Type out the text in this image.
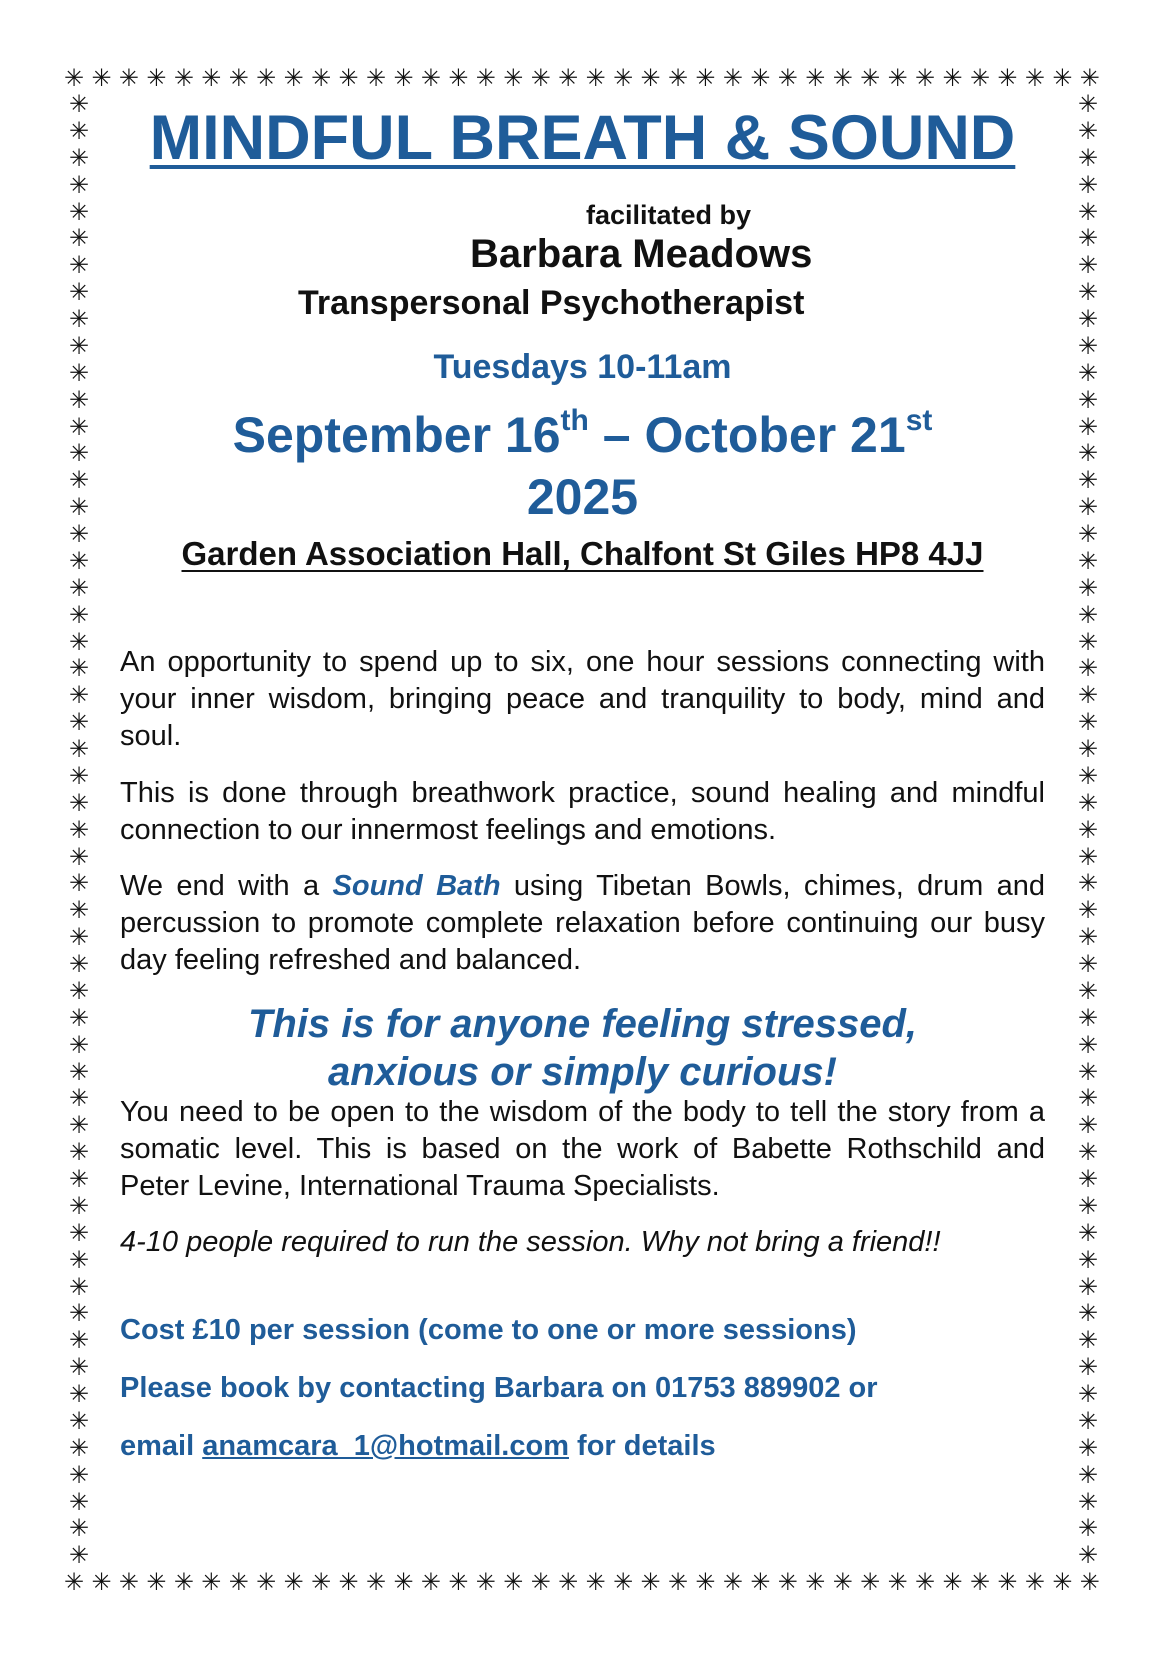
✳ ✳ ✳ ✳ ✳ ✳ ✳ ✳ ✳ ✳ ✳ ✳ ✳ ✳ ✳ ✳ ✳ ✳ ✳ ✳ ✳ ✳ ✳ ✳ ✳ ✳ ✳ ✳ ✳ ✳ ✳ ✳ ✳ ✳ ✳ ✳ ✳ ✳
✳
✳
✳
✳
✳
✳
✳
✳
✳
✳
✳
✳
✳
✳
✳
✳
✳
✳
✳
✳
✳
✳
✳
✳
✳
✳
✳
✳
✳
✳
✳
✳
✳
✳
✳
✳
✳
✳
✳
✳
✳
✳
✳
✳
✳
✳
✳
✳
✳
✳
✳
✳
✳
✳
✳
✳
✳
✳
✳
✳
✳
✳
✳
✳
✳
✳
✳
✳
✳
✳
✳
✳
✳
✳
✳
✳
✳
✳
✳
✳
✳
✳
✳
✳
✳
✳
✳
✳
✳
✳
✳
✳
✳
✳
✳
✳
✳
✳
✳
✳
✳
✳
✳
✳
✳
✳
✳
✳
✳
✳
✳ ✳ ✳ ✳ ✳ ✳ ✳ ✳ ✳ ✳ ✳ ✳ ✳ ✳ ✳ ✳ ✳ ✳ ✳ ✳ ✳ ✳ ✳ ✳ ✳ ✳ ✳ ✳ ✳ ✳ ✳ ✳ ✳ ✳ ✳ ✳ ✳ ✳
MINDFUL BREATH & SOUND
facilitated by
Barbara Meadows
Transpersonal Psychotherapist
Tuesdays 10-11am
September 16th – October 21st
2025
Garden Association Hall, Chalfont St Giles HP8 4JJ

An opportunity to spend up to six, one hour sessions connecting with your inner wisdom, bringing peace and tranquility to body, mind and soul.

This is done through breathwork practice, sound healing and mindful connection to our innermost feelings and emotions.

We end with a Sound Bath using Tibetan Bowls, chimes, drum and percussion to promote complete relaxation before continuing our busy day feeling refreshed and balanced.

This is for anyone feeling stressed,
anxious or simply curious!

You need to be open to the wisdom of the body to tell the story from a somatic level. This is based on the work of Babette Rothschild and Peter Levine, International Trauma Specialists.

4-10 people required to run the session. Why not bring a friend!!

Cost £10 per session (come to one or more sessions)
Please book by contacting Barbara on 01753 889902 or
email anamcara_1@hotmail.com for details
